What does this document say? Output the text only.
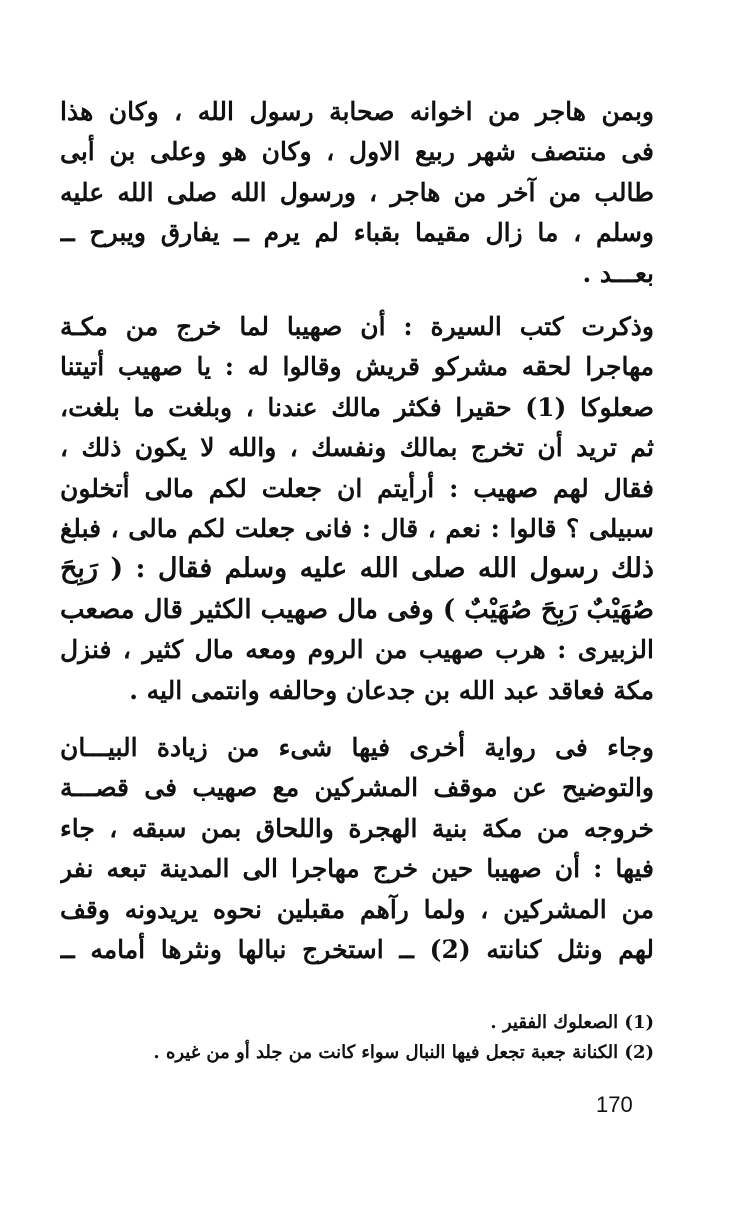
وبمن هاجر من اخوانه صحابة رسول الله ، وكان هذا
فى منتصف شهر ربيع الاول ، وكان هو وعلى بن أبى
طالب من آخر من هاجر ، ورسول الله صلى الله عليه
وسلم ، ما زال مقيما بقباء لم يرم ــ يفارق ويبرح ــ
بعـــد .
وذكرت كتب السيرة : أن صهيبا لما خرج من مكـة
مهاجرا لحقه مشركو قريش وقالوا له : يا صهيب أتيتنا
صعلوكا (1) حقيرا فكثر مالك عندنا ، وبلغت ما بلغت،
ثم تريد أن تخرج بمالك ونفسك ، والله لا يكون ذلك ،
فقال لهم صهيب : أرأيتم ان جعلت لكم مالى أتخلون
سبيلى ؟ قالوا : نعم ، قال : فانى جعلت لكم مالى ، فبلغ
ذلك رسول الله صلى الله عليه وسلم فقال : ( رَبِحَ
صُهَيْبٌ رَبِحَ صُهَيْبٌ ) وفى مال صهيب الكثير قال مصعب
الزبيرى : هرب صهيب من الروم ومعه مال كثير ، فنزل
مكة فعاقد عبد الله بن جدعان وحالفه وانتمى اليه .
وجاء فى رواية أخرى فيها شىء من زيادة البيـــان
والتوضيح عن موقف المشركين مع صهيب فى قصـــة
خروجه من مكة بنية الهجرة واللحاق بمن سبقه ، جاء
فيها : أن صهيبا حين خرج مهاجرا الى المدينة تبعه نفر
من المشركين ، ولما رآهم مقبلين نحوه يريدونه وقف
لهم ونثل كنانته (2) ــ استخرج نبالها ونثرها أمامه ــ
(1) الصعلوك الفقير .
(2) الكنانة جعبة تجعل فيها النبال سواء كانت من جلد أو من غيره .
170
